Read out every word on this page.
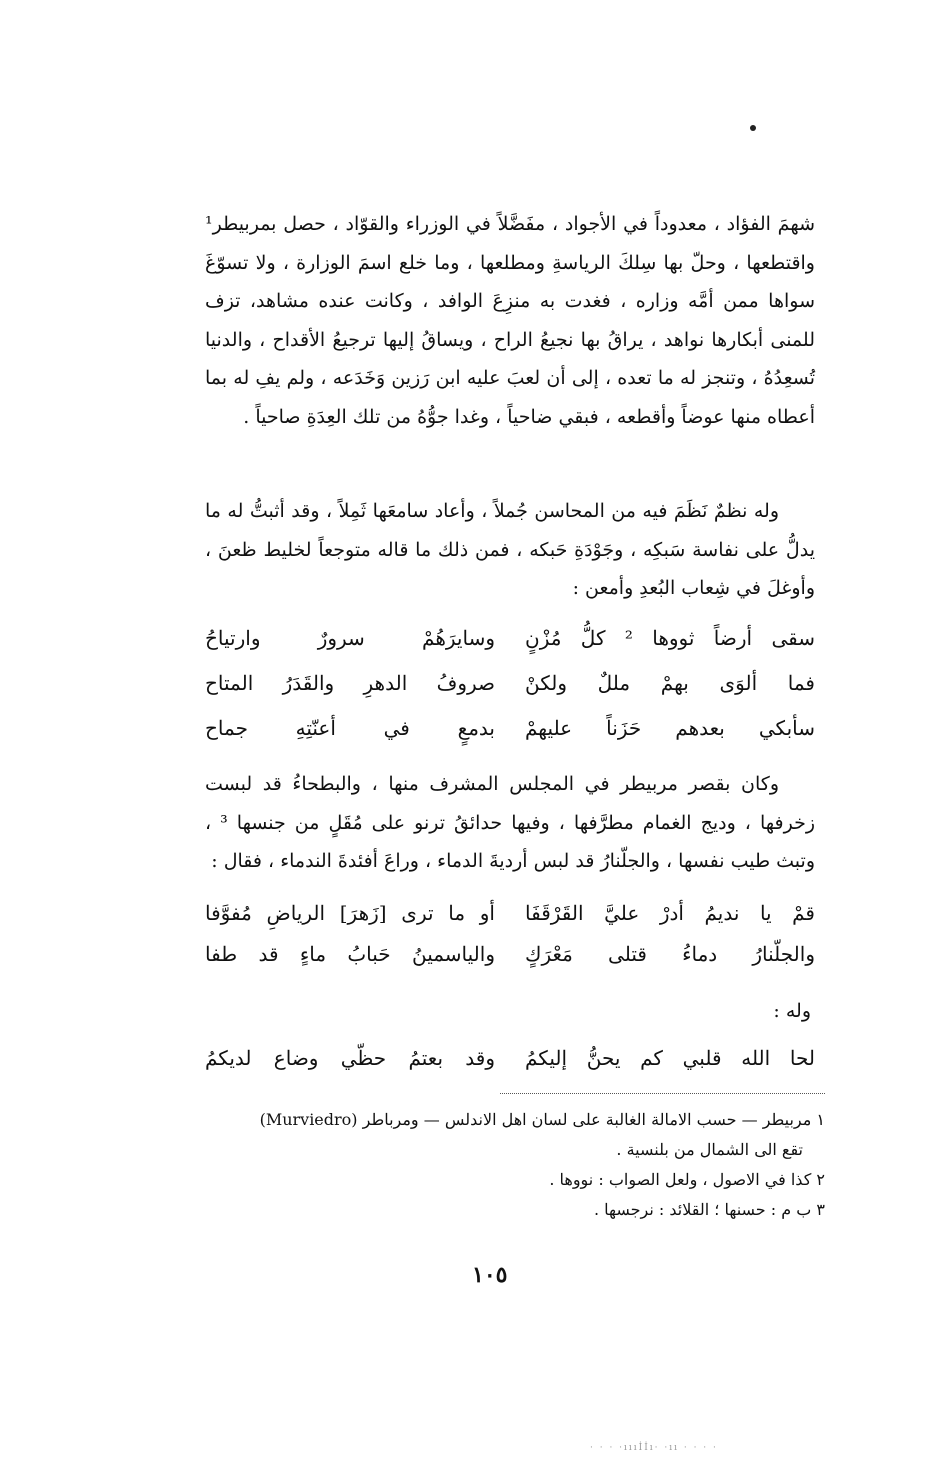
شهمَ الفؤاد ، معدوداً في الأجواد ، مفَضَّلاً في الوزراء والقوّاد ، حصل بمربيطر¹ واقتطعها ، وحلّ بها سِلكَ الرياسةِ ومطلعها ، وما خلع اسمَ الوزارة ، ولا تسوّغَ سواها ممن أمَّه وزاره ، فغدت به منزِعَ الوافد ، وكانت عنده مشاهد، تزف للمنى أبكارها نواهد ، يراقُ بها نجيعُ الراح ، ويساقُ إليها ترجيعُ الأقداح ، والدنيا تُسعِدُهُ ، وتنجز له ما تعده ، إلى أن لعبَ عليه ابن رَزين وَخَدَعه ، ولم يفِ له بما أعطاه منها عوضاً وأقطعه ، فبقي ضاحياً ، وغدا جوُّهُ من تلك العِدَةِ صاحياً .

وله نظمٌ نَظَمَ فيه من المحاسن جُملاً ، وأعاد سامعَها ثَمِلاً ، وقد أثبتُّ له ما يدلُّ على نفاسة سَبكِه ، وجَوْدَةِ حَبكه ، فمن ذلك ما قاله متوجعاً لخليط ظعنَ ، وأوغلَ في شِعاب البُعدِ وأمعن :

سقى أرضاً ثووها ² كلُّ مُزْنٍ
وسايرَهُمْ سرورٌ وارتياحُ
فما ألوَى بهمْ مللٌ ولكنْ
صروفُ الدهرِ والقَدَرُ المتاح
سأبكي بعدهم حَزَناً عليهمْ
بدمعٍ في أعنّتِهِ جماح

وكان بقصر مربيطر في المجلس المشرف منها ، والبطحاءُ قد لبست زخرفها ، وديج الغمام مطرَّفها ، وفيها حدائقُ ترنو على مُقَلٍ من جنسها ³ ، وتبث طيب نفسها ، والجلّنارُ قد لبس أرديةَ الدماء ، وراعَ أفئدةَ الندماء ، فقال :

قمْ يا نديمُ أدرْ عليَّ القَرْقَفَا
أو ما ترى [زَهرَ] الرياضِ مُفوَّفا
والجلّنارُ دماءُ قتلى مَعْرَكٍ
والياسمينُ حَبابُ ماءٍ قد طفا
وله :
لحا الله قلبي كم يحنُّ إليكمُ
وقد بعتمُ حظّي وضاع لديكمُ
١ مربيطر — حسب الامالة الغالبة على لسان اهل الاندلس — ومرباطر (Murviedro)
تقع الى الشمال من بلنسية .
٢ كذا في الاصول ، ولعل الصواب : نووها .
٣ ب م : حسنها ؛ القلائد : نرجسها .
١٠٥
· · · ·ıııİİı· ·ıı · · · ·
